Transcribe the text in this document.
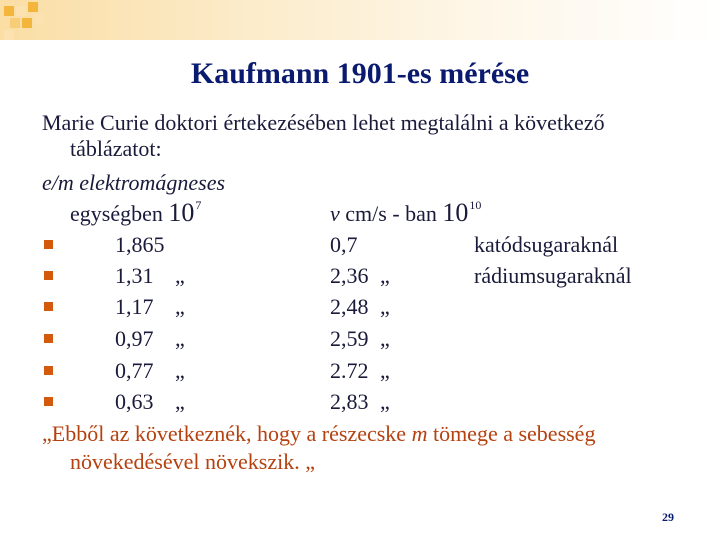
Kaufmann 1901-es mérése
Marie Curie doktori értekezésében lehet megtalálni a következő
táblázatot:
e/m elektromágneses
egységben $10^7$	v cm/s - ban $10^{10}$
1,865	0,7	katódsugaraknál
1,31 „	2,36 „	rádiumsugaraknál
1,17 „	2,48 „
0,97 „	2,59 „
0,77 „	2.72 „
0,63 „	2,83 „
„Ebből az következnék, hogy a részecske m tömege a sebesség
növekedésével növekszik. „
29
